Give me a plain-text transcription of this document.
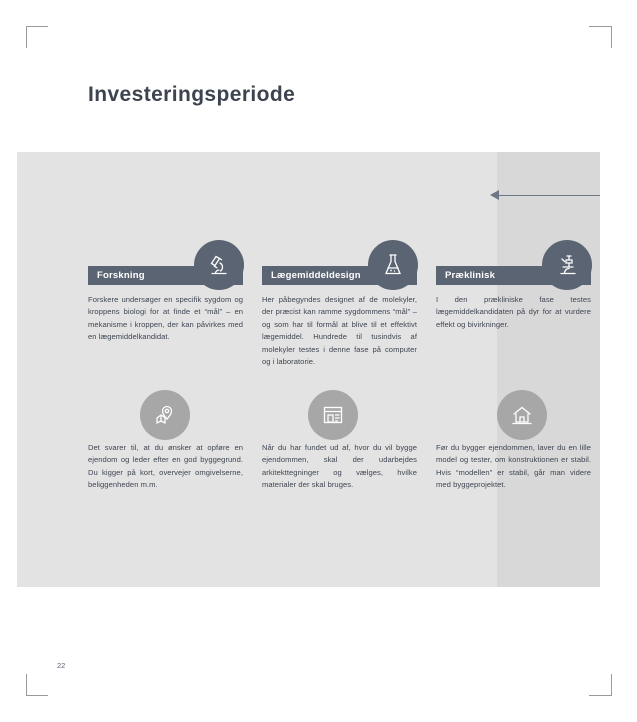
Investeringsperiode
Forskning
Forskere undersøger en specifik sygdom og kroppens biologi for at finde et “mål” – en mekanisme i kroppen, der kan påvirkes med en lægemiddelkandidat.
Lægemiddeldesign
Her påbegyndes designet af de molekyler, der præcist kan ramme sygdommens “mål” – og som har til formål at blive til et effektivt lægemiddel. Hundrede til tusindvis af molekyler testes i denne fase på computer og i laboratorie.
Præklinisk
I den prækliniske fase testes lægemiddelkandidaten på dyr for at vurdere effekt og bivirkninger.
Det svarer til, at du ønsker at opføre en ejendom og leder efter en god byggegrund. Du kigger på kort, overvejer omgivelserne, beliggenheden m.m.
Når du har fundet ud af, hvor du vil bygge ejendommen, skal der udarbejdes arkitekttegninger og vælges, hvilke materialer der skal bruges.
Før du bygger ejendommen, laver du en lille model og tester, om konstruktionen er stabil. Hvis “modellen” er stabil, går man videre med byggeprojektet.
22
